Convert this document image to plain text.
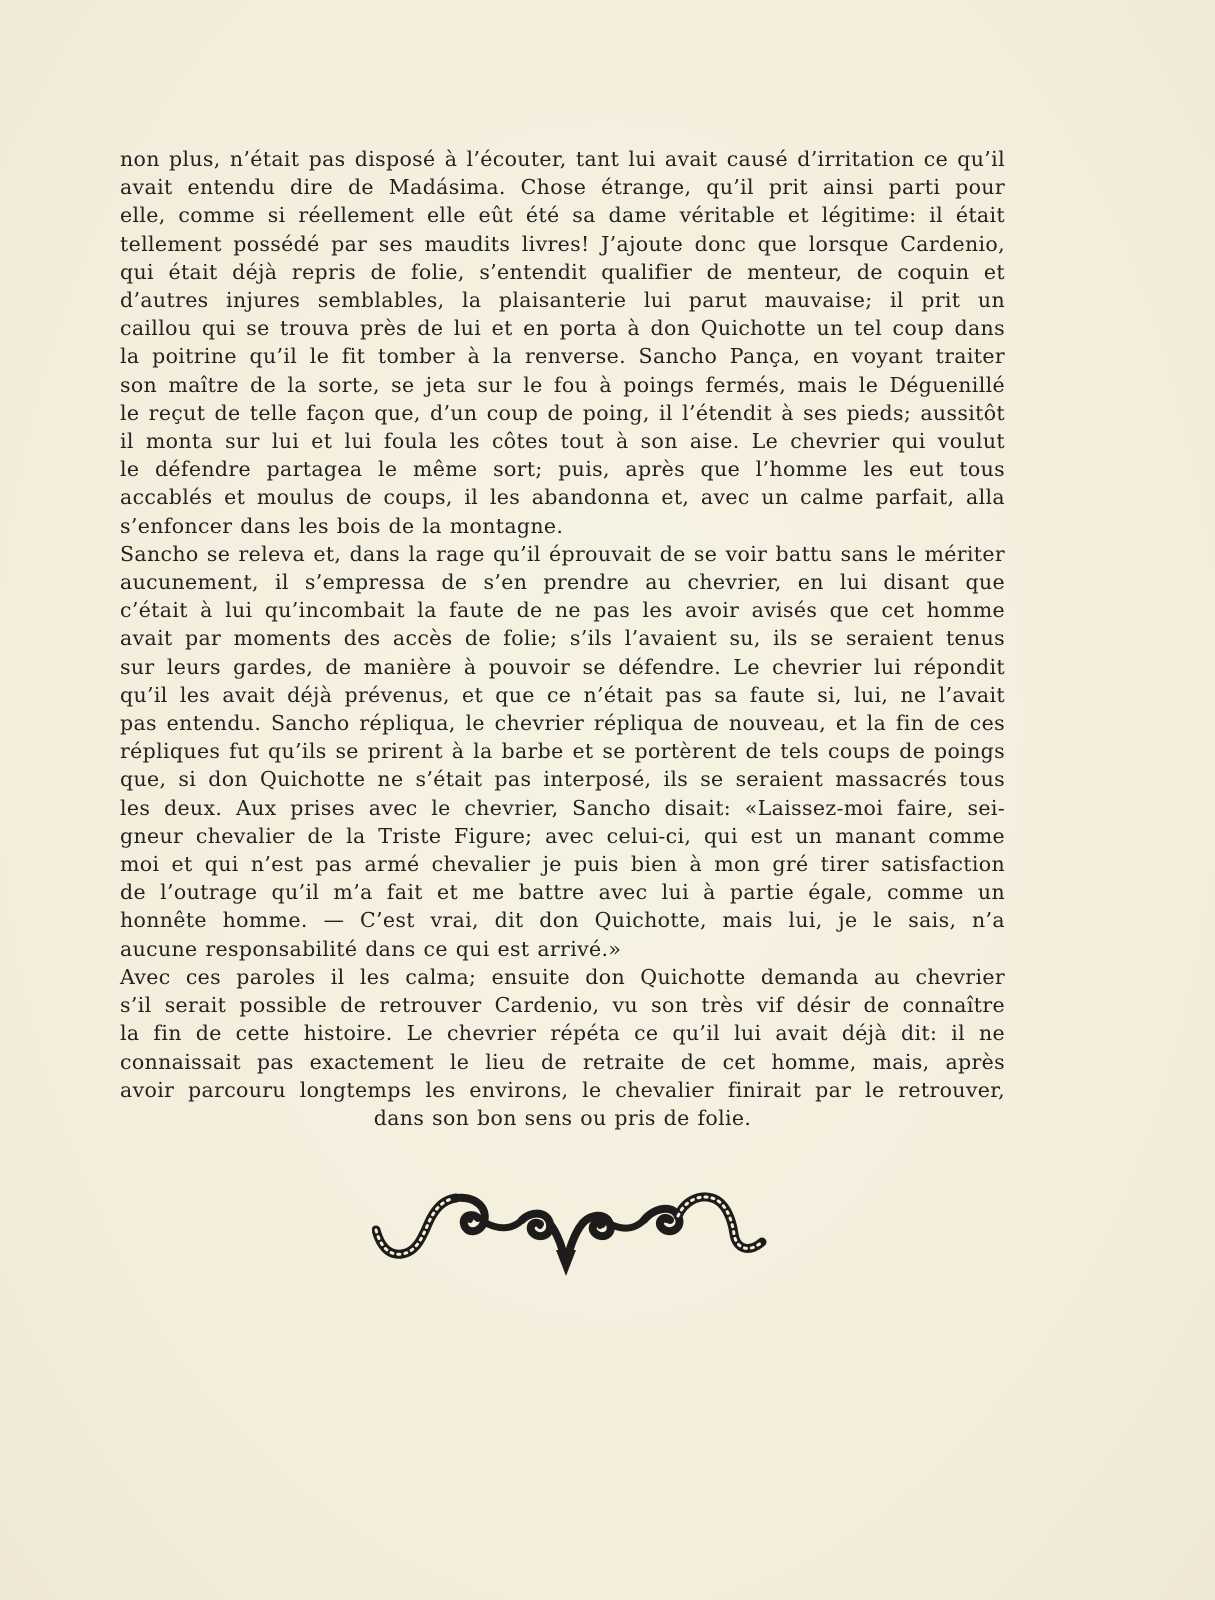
non plus, n’était pas disposé à l’écouter, tant lui avait causé d’irritation ce qu’il
avait entendu dire de Madásima. Chose étrange, qu’il prit ainsi parti pour
elle, comme si réellement elle eût été sa dame véritable et légitime: il était
tellement possédé par ses maudits livres! J’ajoute donc que lorsque Cardenio,
qui était déjà repris de folie, s’entendit qualifier de menteur, de coquin et
d’autres injures semblables, la plaisanterie lui parut mauvaise; il prit un
caillou qui se trouva près de lui et en porta à don Quichotte un tel coup dans
la poitrine qu’il le fit tomber à la renverse. Sancho Pança, en voyant traiter
son maître de la sorte, se jeta sur le fou à poings fermés, mais le Déguenillé
le reçut de telle façon que, d’un coup de poing, il l’étendit à ses pieds; aussitôt
il monta sur lui et lui foula les côtes tout à son aise. Le chevrier qui voulut
le défendre partagea le même sort; puis, après que l’homme les eut tous
accablés et moulus de coups, il les abandonna et, avec un calme parfait, alla
s’enfoncer dans les bois de la montagne.
Sancho se releva et, dans la rage qu’il éprouvait de se voir battu sans le mériter
aucunement, il s’empressa de s’en prendre au chevrier, en lui disant que
c’était à lui qu’incombait la faute de ne pas les avoir avisés que cet homme
avait par moments des accès de folie; s’ils l’avaient su, ils se seraient tenus
sur leurs gardes, de manière à pouvoir se défendre. Le chevrier lui répondit
qu’il les avait déjà prévenus, et que ce n’était pas sa faute si, lui, ne l’avait
pas entendu. Sancho répliqua, le chevrier répliqua de nouveau, et la fin de ces
répliques fut qu’ils se prirent à la barbe et se portèrent de tels coups de poings
que, si don Quichotte ne s’était pas interposé, ils se seraient massacrés tous
les deux. Aux prises avec le chevrier, Sancho disait: «Laissez-moi faire, sei-
gneur chevalier de la Triste Figure; avec celui-ci, qui est un manant comme
moi et qui n’est pas armé chevalier je puis bien à mon gré tirer satisfaction
de l’outrage qu’il m’a fait et me battre avec lui à partie égale, comme un
honnête homme. — C’est vrai, dit don Quichotte, mais lui, je le sais, n’a
aucune responsabilité dans ce qui est arrivé.»
Avec ces paroles il les calma; ensuite don Quichotte demanda au chevrier
s’il serait possible de retrouver Cardenio, vu son très vif désir de connaître
la fin de cette histoire. Le chevrier répéta ce qu’il lui avait déjà dit: il ne
connaissait pas exactement le lieu de retraite de cet homme, mais, après
avoir parcouru longtemps les environs, le chevalier finirait par le retrouver,
dans son bon sens ou pris de folie.
